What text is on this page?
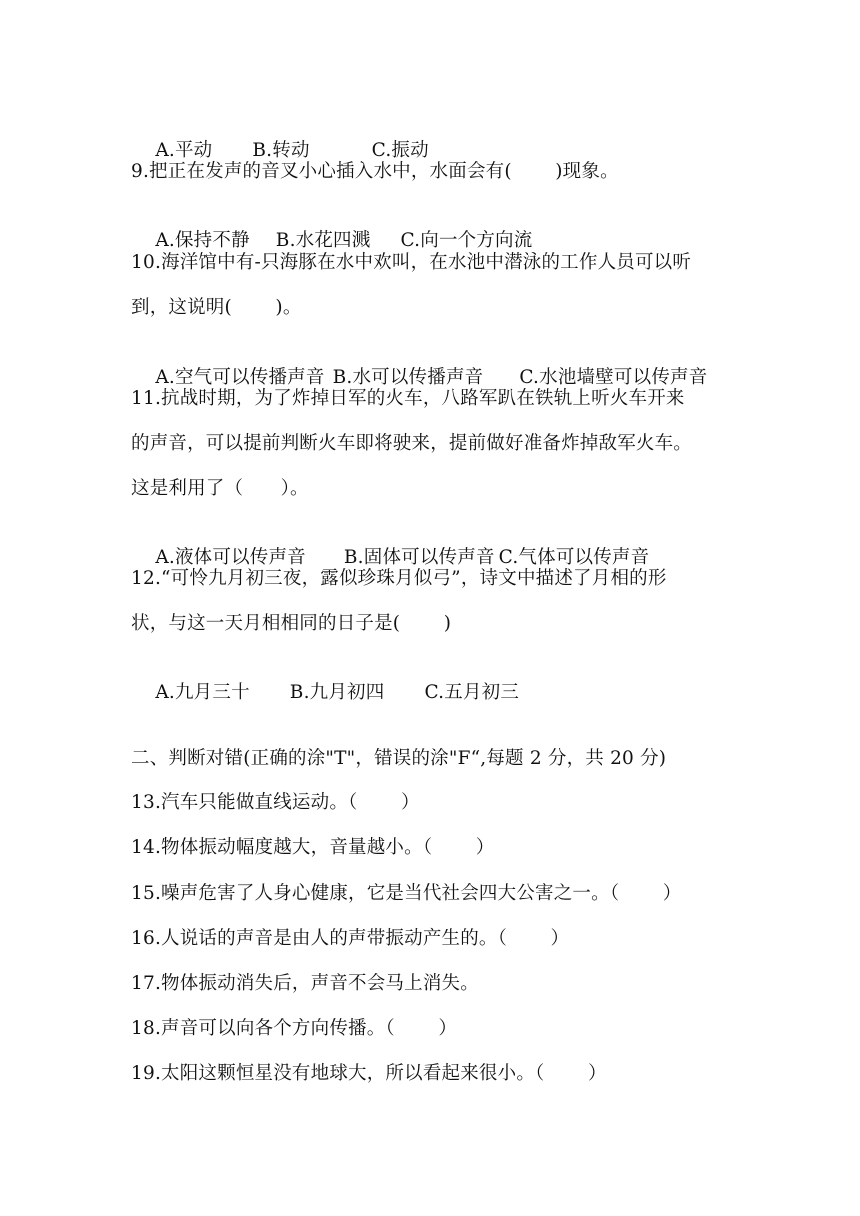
A.平动 B.转动	C.振动

9.把正在发声的音叉小心插入水中，水面会有(　　 )现象。

A.保持不静 B.水花四溅 C.向一个方向流

10.海洋馆中有-只海豚在水中欢叫，在水池中潜泳的工作人员可以听
到，这说明(　　 )。

A.空气可以传播声音 B.水可以传播声音 C.水池墙壁可以传声音

11.抗战时期，为了炸掉日军的火车，八路军趴在铁轨上听火车开来
的声音，可以提前判断火车即将驶来，提前做好准备炸掉敌军火车。
这是利用了（　　）。

A.液体可以传声音 B.固体可以传声音 C.气体可以传声音

12.“可怜九月初三夜，露似珍珠月似弓”，诗文中描述了月相的形
状，与这一天月相相同的日子是(　　 )

A.九月三十 B.九月初四 C.五月初三

二、判断对错(正确的涂"T"，错误的涂"F“,每题 2 分，共 20 分)
13.汽车只能做直线运动。（　　 ）
14.物体振动幅度越大，音量越小。（　　 ）
15.噪声危害了人身心健康，它是当代社会四大公害之一。（　　 ）
16.人说话的声音是由人的声带振动产生的。（　　 ）
17.物体振动消失后，声音不会马上消失。
18.声音可以向各个方向传播。（　　 ）
19.太阳这颗恒星没有地球大，所以看起来很小。（　　 ）
